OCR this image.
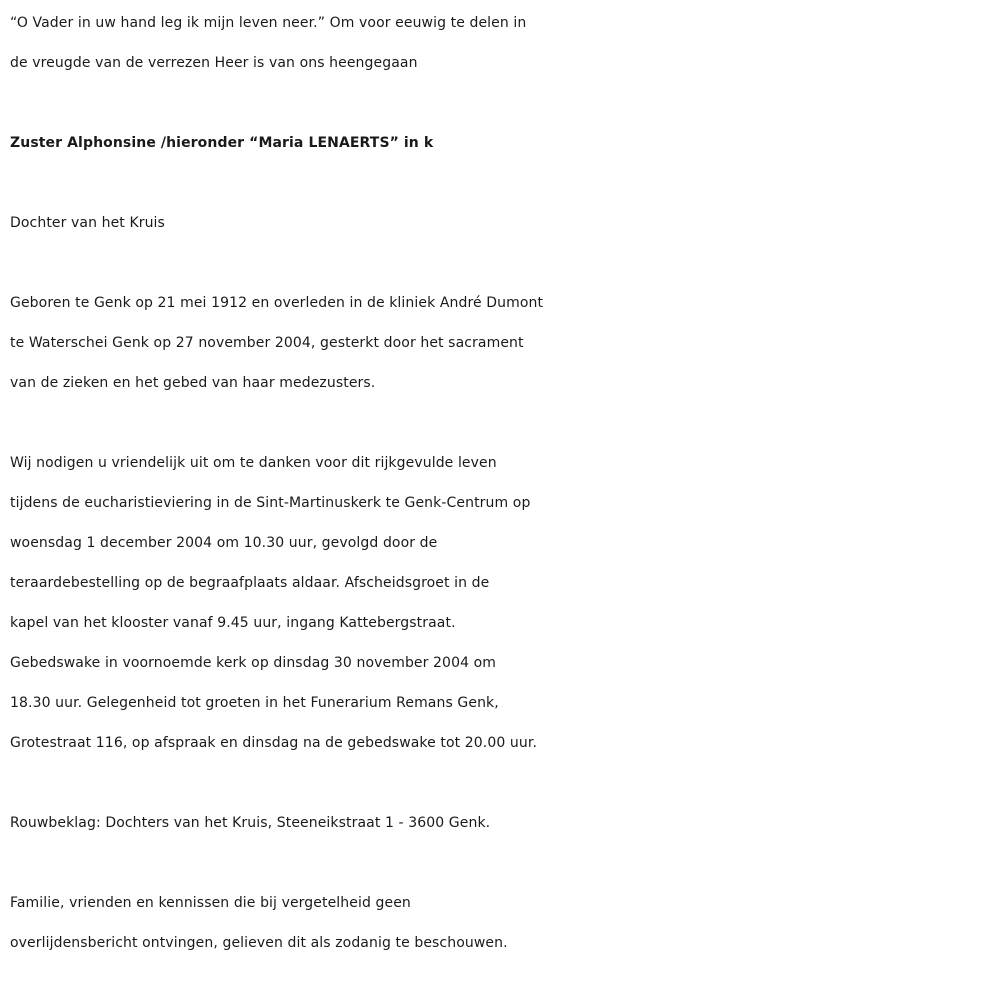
“O Vader in uw hand leg ik mijn leven neer.” Om voor eeuwig te delen in
de vreugde van de verrezen Heer is van ons heengegaan

Zuster Alphonsine /hieronder “Maria LENAERTS” in k

Dochter van het Kruis

Geboren te Genk op 21 mei 1912 en overleden in de kliniek André Dumont
te Waterschei Genk op 27 november 2004, gesterkt door het sacrament
van de zieken en het gebed van haar medezusters.

Wij nodigen u vriendelijk uit om te danken voor dit rijkgevulde leven
tijdens de eucharistieviering in de Sint-Martinuskerk te Genk-Centrum op
woensdag 1 december 2004 om 10.30 uur, gevolgd door de
teraardebestelling op de begraafplaats aldaar. Afscheidsgroet in de
kapel van het klooster vanaf 9.45 uur, ingang Kattebergstraat.
Gebedswake in voornoemde kerk op dinsdag 30 november 2004 om
18.30 uur. Gelegenheid tot groeten in het Funerarium Remans Genk,
Grotestraat 116, op afspraak en dinsdag na de gebedswake tot 20.00 uur.

Rouwbeklag: Dochters van het Kruis, Steeneikstraat 1 - 3600 Genk.

Familie, vrienden en kennissen die bij vergetelheid geen
overlijdensbericht ontvingen, gelieven dit als zodanig te beschouwen.
